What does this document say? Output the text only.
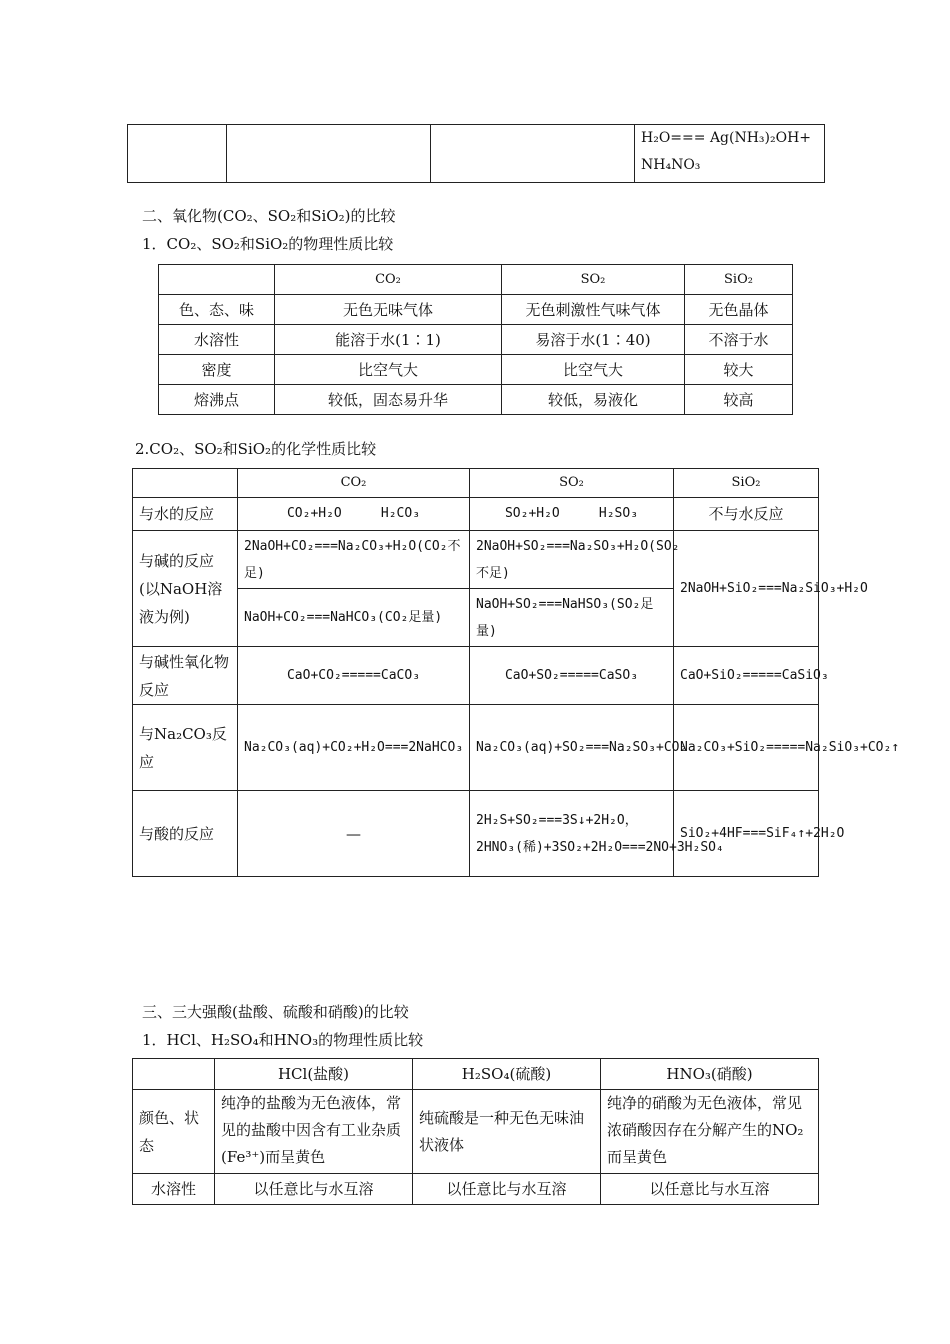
H₂O=== Ag(NH₃)₂OH+
NH₄NO₃
二、氧化物(CO₂、SO₂和SiO₂)的比较
1．CO₂、SO₂和SiO₂的物理性质比较
	CO₂	SO₂	SiO₂
色、态、味	无色无味气体	无色刺激性气味气体	无色晶体
水溶性	能溶于水(1∶1)	易溶于水(1∶40)	不溶于水
密度	比空气大	比空气大	较大
熔沸点	较低，固态易升华	较低，易液化	较高
2.CO₂、SO₂和SiO₂的化学性质比较
	CO₂	SO₂	SiO₂
与水的反应	CO₂+H₂O     H₂CO₃	SO₂+H₂O     H₂SO₃	不与水反应
与碱的反应(以NaOH溶液为例)	2NaOH+CO₂===Na₂CO₃+H₂O(CO₂不足)	2NaOH+SO₂===Na₂SO₃+H₂O(SO₂不足)	2NaOH+SiO₂===Na₂SiO₃+H₂O
	NaOH+CO₂===NaHCO₃(CO₂足量)	NaOH+SO₂===NaHSO₃(SO₂足量)	
与碱性氧化物反应	CaO+CO₂=====CaCO₃	CaO+SO₂=====CaSO₃	CaO+SiO₂=====CaSiO₃
与Na₂CO₃反应	Na₂CO₃(aq)+CO₂+H₂O===2NaHCO₃	Na₂CO₃(aq)+SO₂===Na₂SO₃+CO₂	Na₂CO₃+SiO₂=====Na₂SiO₃+CO₂↑
与酸的反应	—	2H₂S+SO₂===3S↓+2H₂O，2HNO₃(稀)+3SO₂+2H₂O===2NO+3H₂SO₄	SiO₂+4HF===SiF₄↑+2H₂O
三、三大强酸(盐酸、硫酸和硝酸)的比较
1．HCl、H₂SO₄和HNO₃的物理性质比较
	HCl(盐酸)	H₂SO₄(硫酸)	HNO₃(硝酸)
颜色、状态	纯净的盐酸为无色液体，常见的盐酸中因含有工业杂质(Fe³⁺)而呈黄色	纯硫酸是一种无色无味油状液体	纯净的硝酸为无色液体，常见浓硝酸因存在分解产生的NO₂而呈黄色
水溶性	以任意比与水互溶	以任意比与水互溶	以任意比与水互溶
